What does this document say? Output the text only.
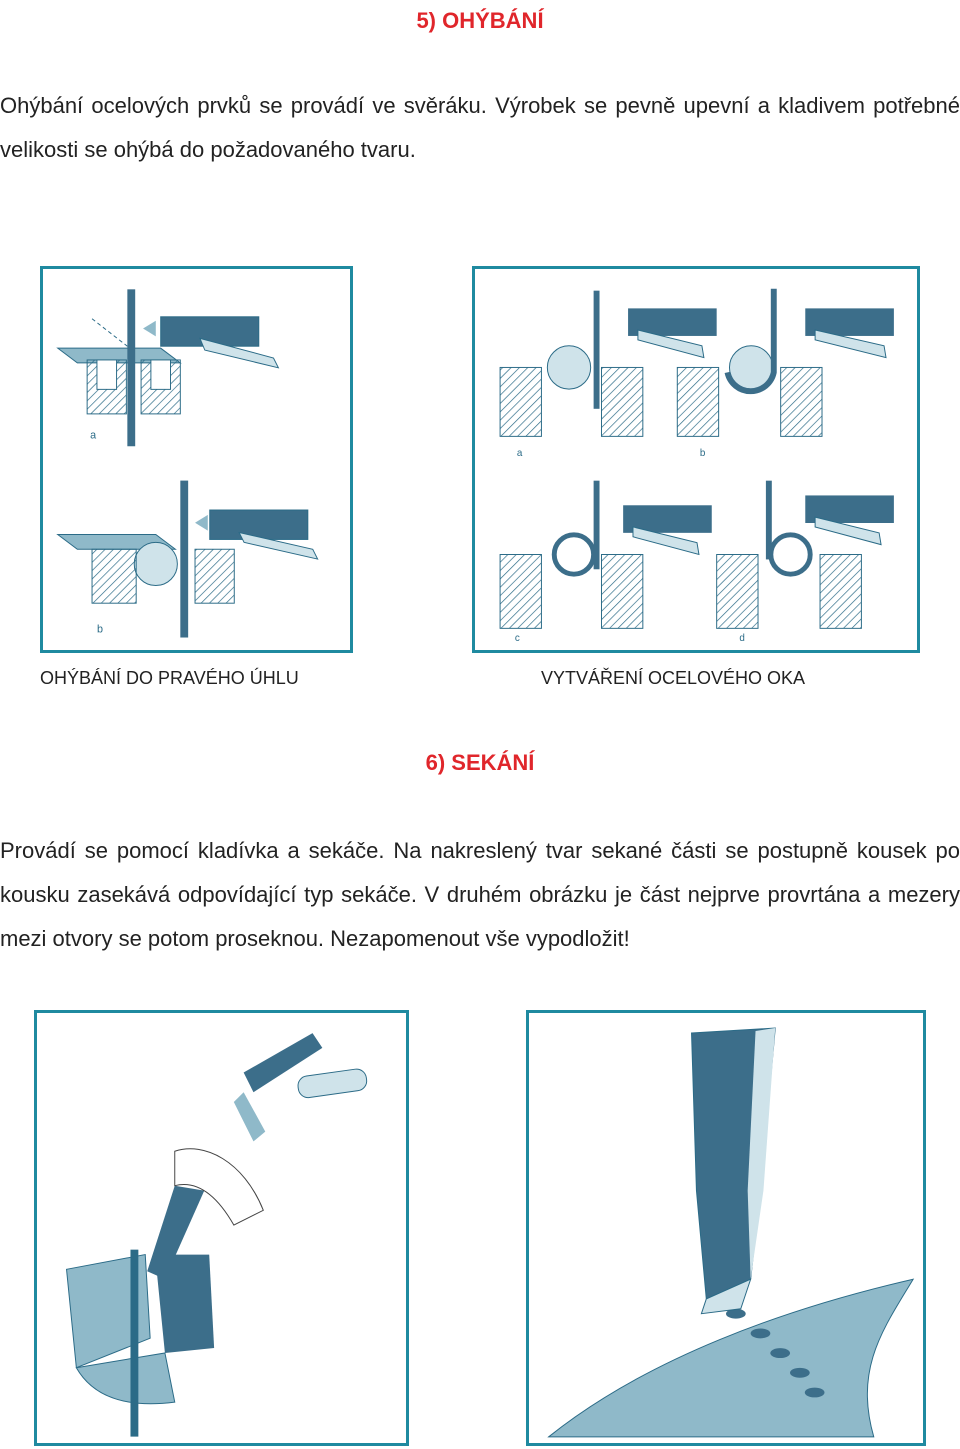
5) OHÝBÁNÍ

Ohýbání ocelových prvků se provádí ve svěráku. Výrobek se pevně upevní a kladivem potřebné velikosti se ohýbá do požadovaného tvaru.

a
b
a	b
c	d

OHÝBÁNÍ DO PRAVÉHO ÚHLU	VYTVÁŘENÍ OCELOVÉHO OKA

6) SEKÁNÍ

Provádí se pomocí kladívka a sekáče. Na nakreslený tvar sekané části se postupně kousek po kousku zasekává odpovídající typ sekáče. V druhém obrázku je část nejprve provrtána a mezery mezi otvory se potom proseknou. Nezapomenout vše vypodložit!
